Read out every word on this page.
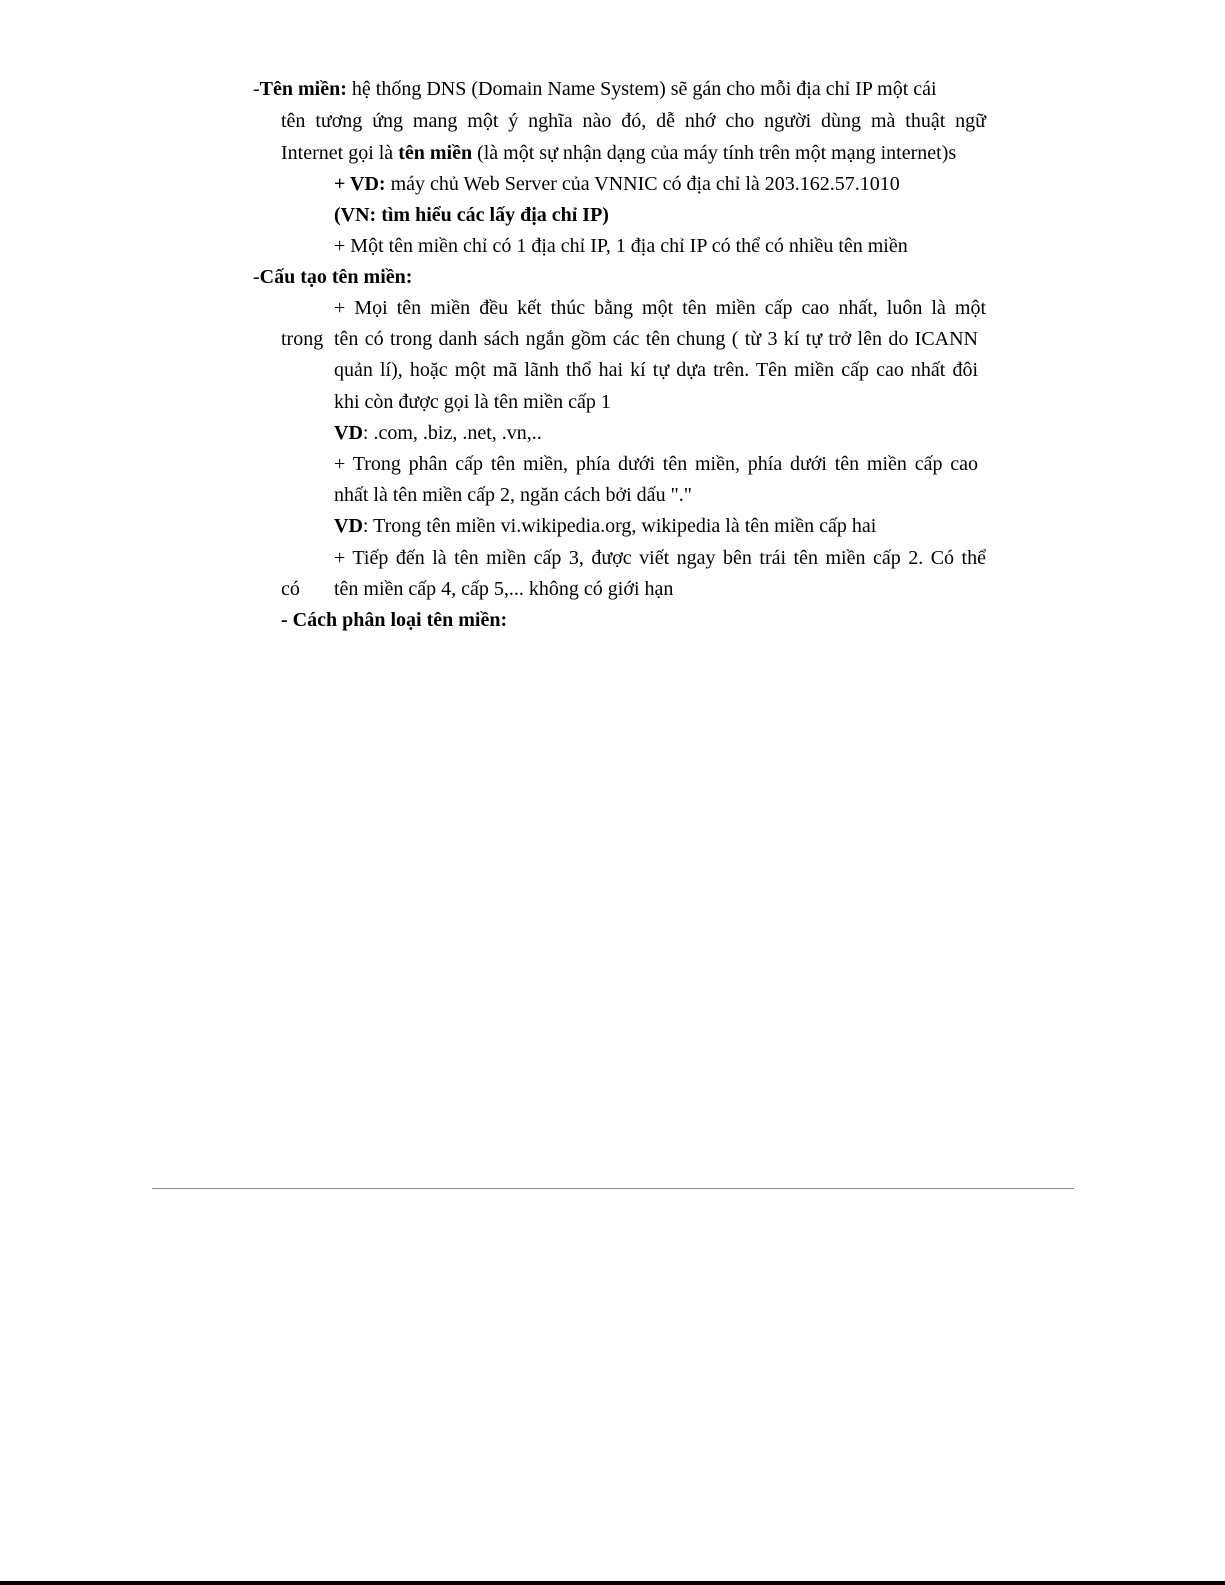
-Tên miền: hệ thống DNS (Domain Name System) sẽ gán cho mỗi địa chỉ IP một cái
tên tương ứng mang một ý nghĩa nào đó, dễ nhớ cho người dùng mà thuật ngữ
Internet gọi là tên miền (là một sự nhận dạng của máy tính trên một mạng internet)s
+ VD: máy chủ Web Server của VNNIC có địa chỉ là 203.162.57.1010
(VN: tìm hiểu các lấy địa chỉ IP)
+ Một tên miền chỉ có 1 địa chỉ IP, 1 địa chỉ IP có thể có nhiều tên miền
-Cấu tạo tên miền:
+ Mọi tên miền đều kết thúc bằng một tên miền cấp cao nhất, luôn là một
trong tên có trong danh sách ngắn gồm các tên chung ( từ 3 kí tự trở lên do ICANN
quản lí), hoặc một mã lãnh thổ hai kí tự dựa trên. Tên miền cấp cao nhất đôi
khi còn được gọi là tên miền cấp 1
VD: .com, .biz, .net, .vn,..
+ Trong phân cấp tên miền, phía dưới tên miền, phía dưới tên miền cấp cao
nhất là tên miền cấp 2, ngăn cách bởi dấu "."
VD: Trong tên miền vi.wikipedia.org, wikipedia là tên miền cấp hai
+ Tiếp đến là tên miền cấp 3, được viết ngay bên trái tên miền cấp 2. Có thể
có tên miền cấp 4, cấp 5,... không có giới hạn
- Cách phân loại tên miền:
